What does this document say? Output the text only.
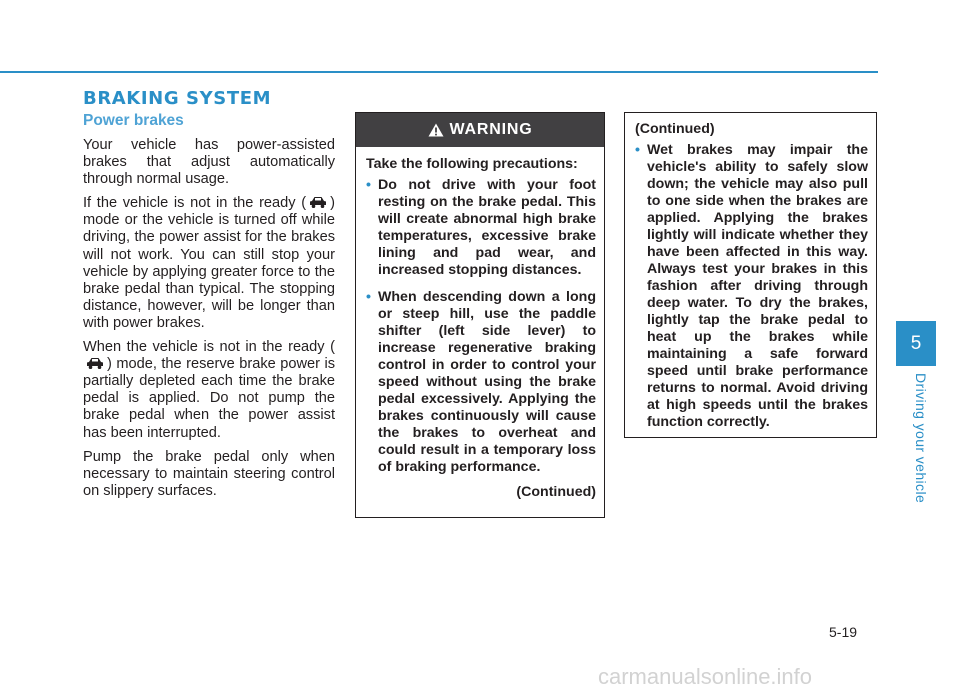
BRAKING SYSTEM
Power brakes

Your vehicle has power-assisted brakes that adjust automatically through normal usage.

If the vehicle is not in the ready ( ) mode or the vehicle is turned off while driving, the power assist for the brakes will not work. You can still stop your vehicle by applying greater force to the brake pedal than typical. The stopping distance, however, will be longer than with power brakes.

When the vehicle is not in the ready (
) mode, the reserve brake power is partially depleted each time the brake pedal is applied. Do not pump the brake pedal when the power assist has been interrupted.

Pump the brake pedal only when necessary to maintain steering control on slippery surfaces.

WARNING

Take the following precautions:

• Do not drive with your foot resting on the brake pedal. This will create abnormal high brake temperatures, excessive brake lining and pad wear, and increased stopping distances.
• When descending down a long or steep hill, use the paddle shifter (left side lever) to increase regenerative braking control in order to control your speed without using the brake pedal excessively. Applying the brakes continuously will cause the brakes to overheat and could result in a temporary loss of braking performance.

(Continued)

(Continued)

• Wet brakes may impair the vehicle's ability to safely slow down; the vehicle may also pull to one side when the brakes are applied. Applying the brakes lightly will indicate whether they have been affected in this way. Always test your brakes in this fashion after driving through deep water. To dry the brakes, lightly tap the brake pedal to heat up the brakes while maintaining a safe forward speed until brake performance returns to normal. Avoid driving at high speeds until the brakes function correctly.
5
Driving your vehicle
5-19
carmanualsonline.info
